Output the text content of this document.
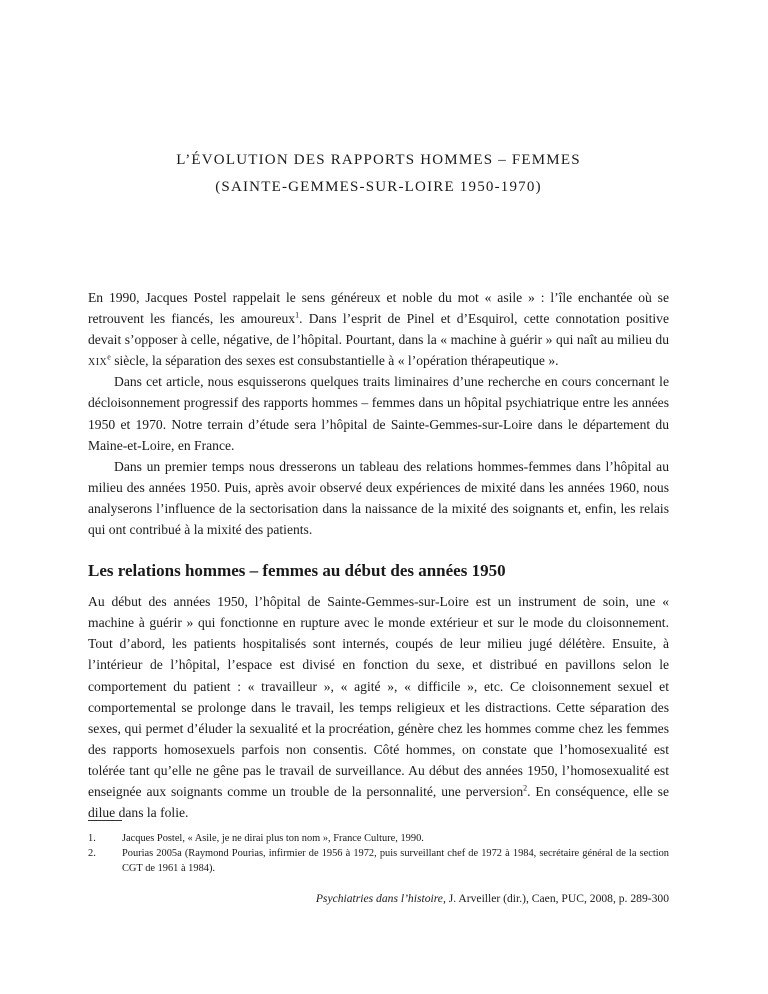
L’ÉVOLUTION DES RAPPORTS HOMMES – FEMMES
(SAINTE-GEMMES-SUR-LOIRE 1950-1970)

En 1990, Jacques Postel rappelait le sens généreux et noble du mot « asile » : l’île enchantée où se retrouvent les fiancés, les amoureux$^1$. Dans l’esprit de Pinel et d’Esquirol, cette connotation positive devait s’opposer à celle, négative, de l’hôpital. Pourtant, dans la « machine à guérir » qui naît au milieu du xix$^e$ siècle, la séparation des sexes est consubstantielle à « l’opération thérapeutique ».

Dans cet article, nous esquisserons quelques traits liminaires d’une recherche en cours concernant le décloisonnement progressif des rapports hommes – femmes dans un hôpital psychiatrique entre les années 1950 et 1970. Notre terrain d’étude sera l’hôpital de Sainte-Gemmes-sur-Loire dans le département du Maine-et-Loire, en France.

Dans un premier temps nous dresserons un tableau des relations hommes-femmes dans l’hôpital au milieu des années 1950. Puis, après avoir observé deux expériences de mixité dans les années 1960, nous analyserons l’influence de la sectorisation dans la naissance de la mixité des soignants et, enfin, les relais qui ont contribué à la mixité des patients.

Les relations hommes – femmes au début des années 1950

Au début des années 1950, l’hôpital de Sainte-Gemmes-sur-Loire est un instrument de soin, une « machine à guérir » qui fonctionne en rupture avec le monde extérieur et sur le mode du cloisonnement. Tout d’abord, les patients hospitalisés sont internés, coupés de leur milieu jugé délétère. Ensuite, à l’intérieur de l’hôpital, l’espace est divisé en fonction du sexe, et distribué en pavillons selon le comportement du patient : « travailleur », « agité », « difficile », etc. Ce cloisonnement sexuel et comportemental se prolonge dans le travail, les temps religieux et les distractions. Cette séparation des sexes, qui permet d’éluder la sexualité et la procréation, génère chez les hommes comme chez les femmes des rapports homosexuels parfois non consentis. Côté hommes, on constate que l’homosexualité est tolérée tant qu’elle ne gêne pas le travail de surveillance. Au début des années 1950, l’homosexualité est enseignée aux soignants comme un trouble de la personnalité, une perversion$^2$. En conséquence, elle se dilue dans la folie.

1.	Jacques Postel, « Asile, je ne dirai plus ton nom », France Culture, 1990.
2.	Pourias 2005a (Raymond Pourias, infirmier de 1956 à 1972, puis surveillant chef de 1972 à 1984, secrétaire général de la section CGT de 1961 à 1984).
Psychiatries dans l’histoire, J. Arveiller (dir.), Caen, PUC, 2008, p. 289-300
